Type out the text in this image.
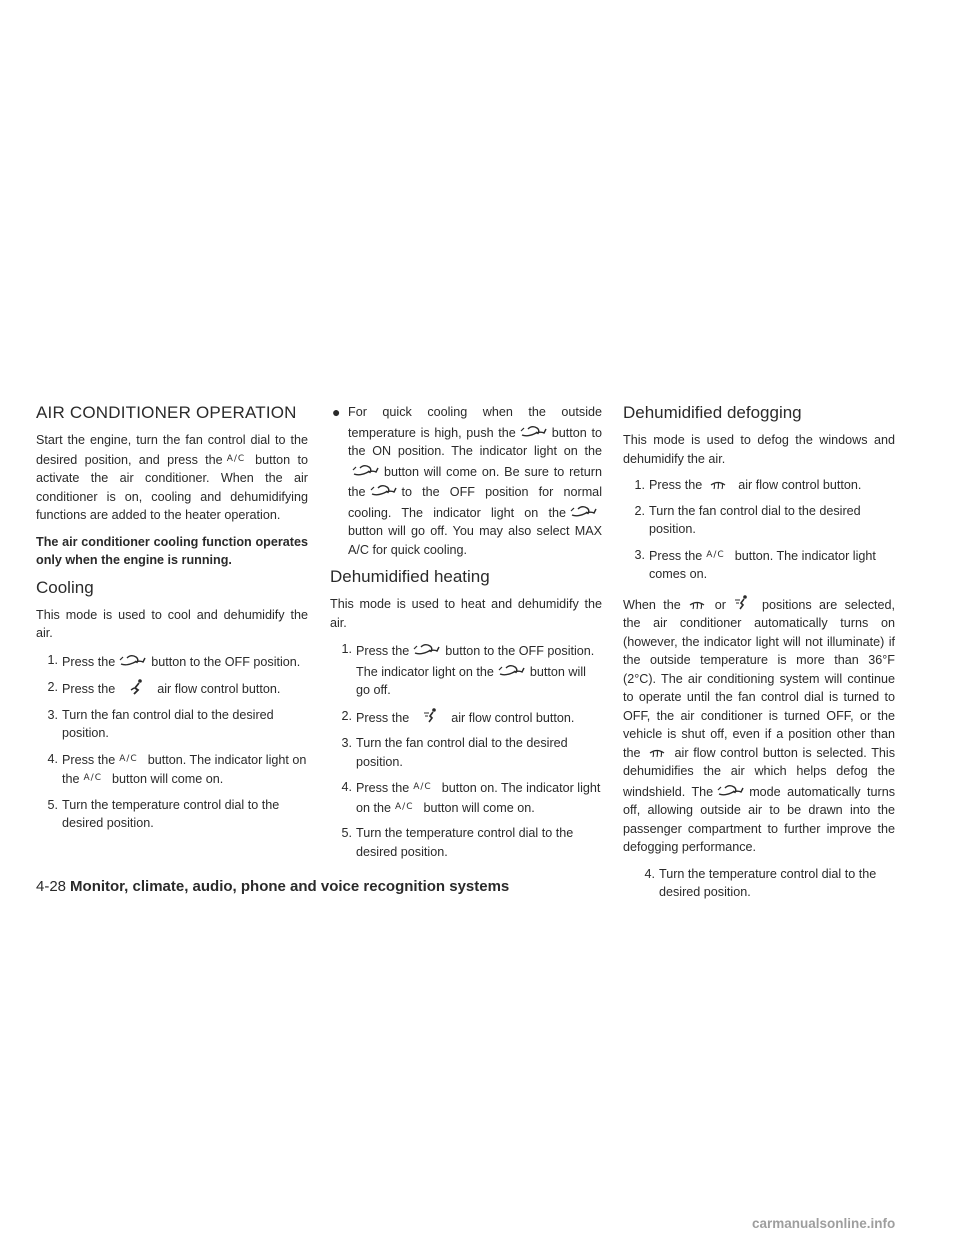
AIR CONDITIONER OPERATION

Start the engine, turn the fan control dial to the desired position, and press the A/C button to activate the air conditioner. When the air conditioner is on, cooling and dehumidifying functions are added to the heater operation.

The air conditioner cooling function operates only when the engine is running.

Cooling

This mode is used to cool and dehumidify the air.

1. Press the	button to the OFF position.
2. Press the	air flow control button.
3. Turn the fan control dial to the desired position.
4. Press the A/C button. The indicator light on the A/C button will come on.
5. Turn the temperature control dial to the desired position.
● For quick cooling when the outside temperature is high, push the	button to the ON position. The indicator light on thebutton will come on. Be sure to return the	to the OFF position for normal cooling. The indicator light on thebutton will go off. You may also select MAX A/C for quick cooling.
Dehumidified heating

This mode is used to heat and dehumidify the air.

1. Press the	button to the OFF position. The indicator light on the	button will go off.
2. Press the	air flow control button.
3. Turn the fan control dial to the desired position.
4. Press the A/C button on. The indicator light on the A/C button will come on.
5. Turn the temperature control dial to the desired position.
Dehumidified defogging

This mode is used to defog the windows and dehumidify the air.

1. Press the	air flow control button.
2. Turn the fan control dial to the desired position.
3. Press the A/C button. The indicator light comes on.

When the	or	positions are selected, the air conditioner automatically turns on (however, the indicator light will not illuminate) if the outside temperature is more than 36°F (2°C). The air conditioning system will continue to operate until the fan control dial is turned to OFF, the air conditioner is turned OFF, or the vehicle is shut off, even if a position other than the	air flow control button is selected. This dehumidifies the air which helps defog the windshield. The	mode automatically turns off, allowing outside air to be drawn into the passenger compartment to further improve the defogging performance.

4. Turn the temperature control dial to the desired position.
4-28 Monitor, climate, audio, phone and voice recognition systems
carmanualsonline.info
